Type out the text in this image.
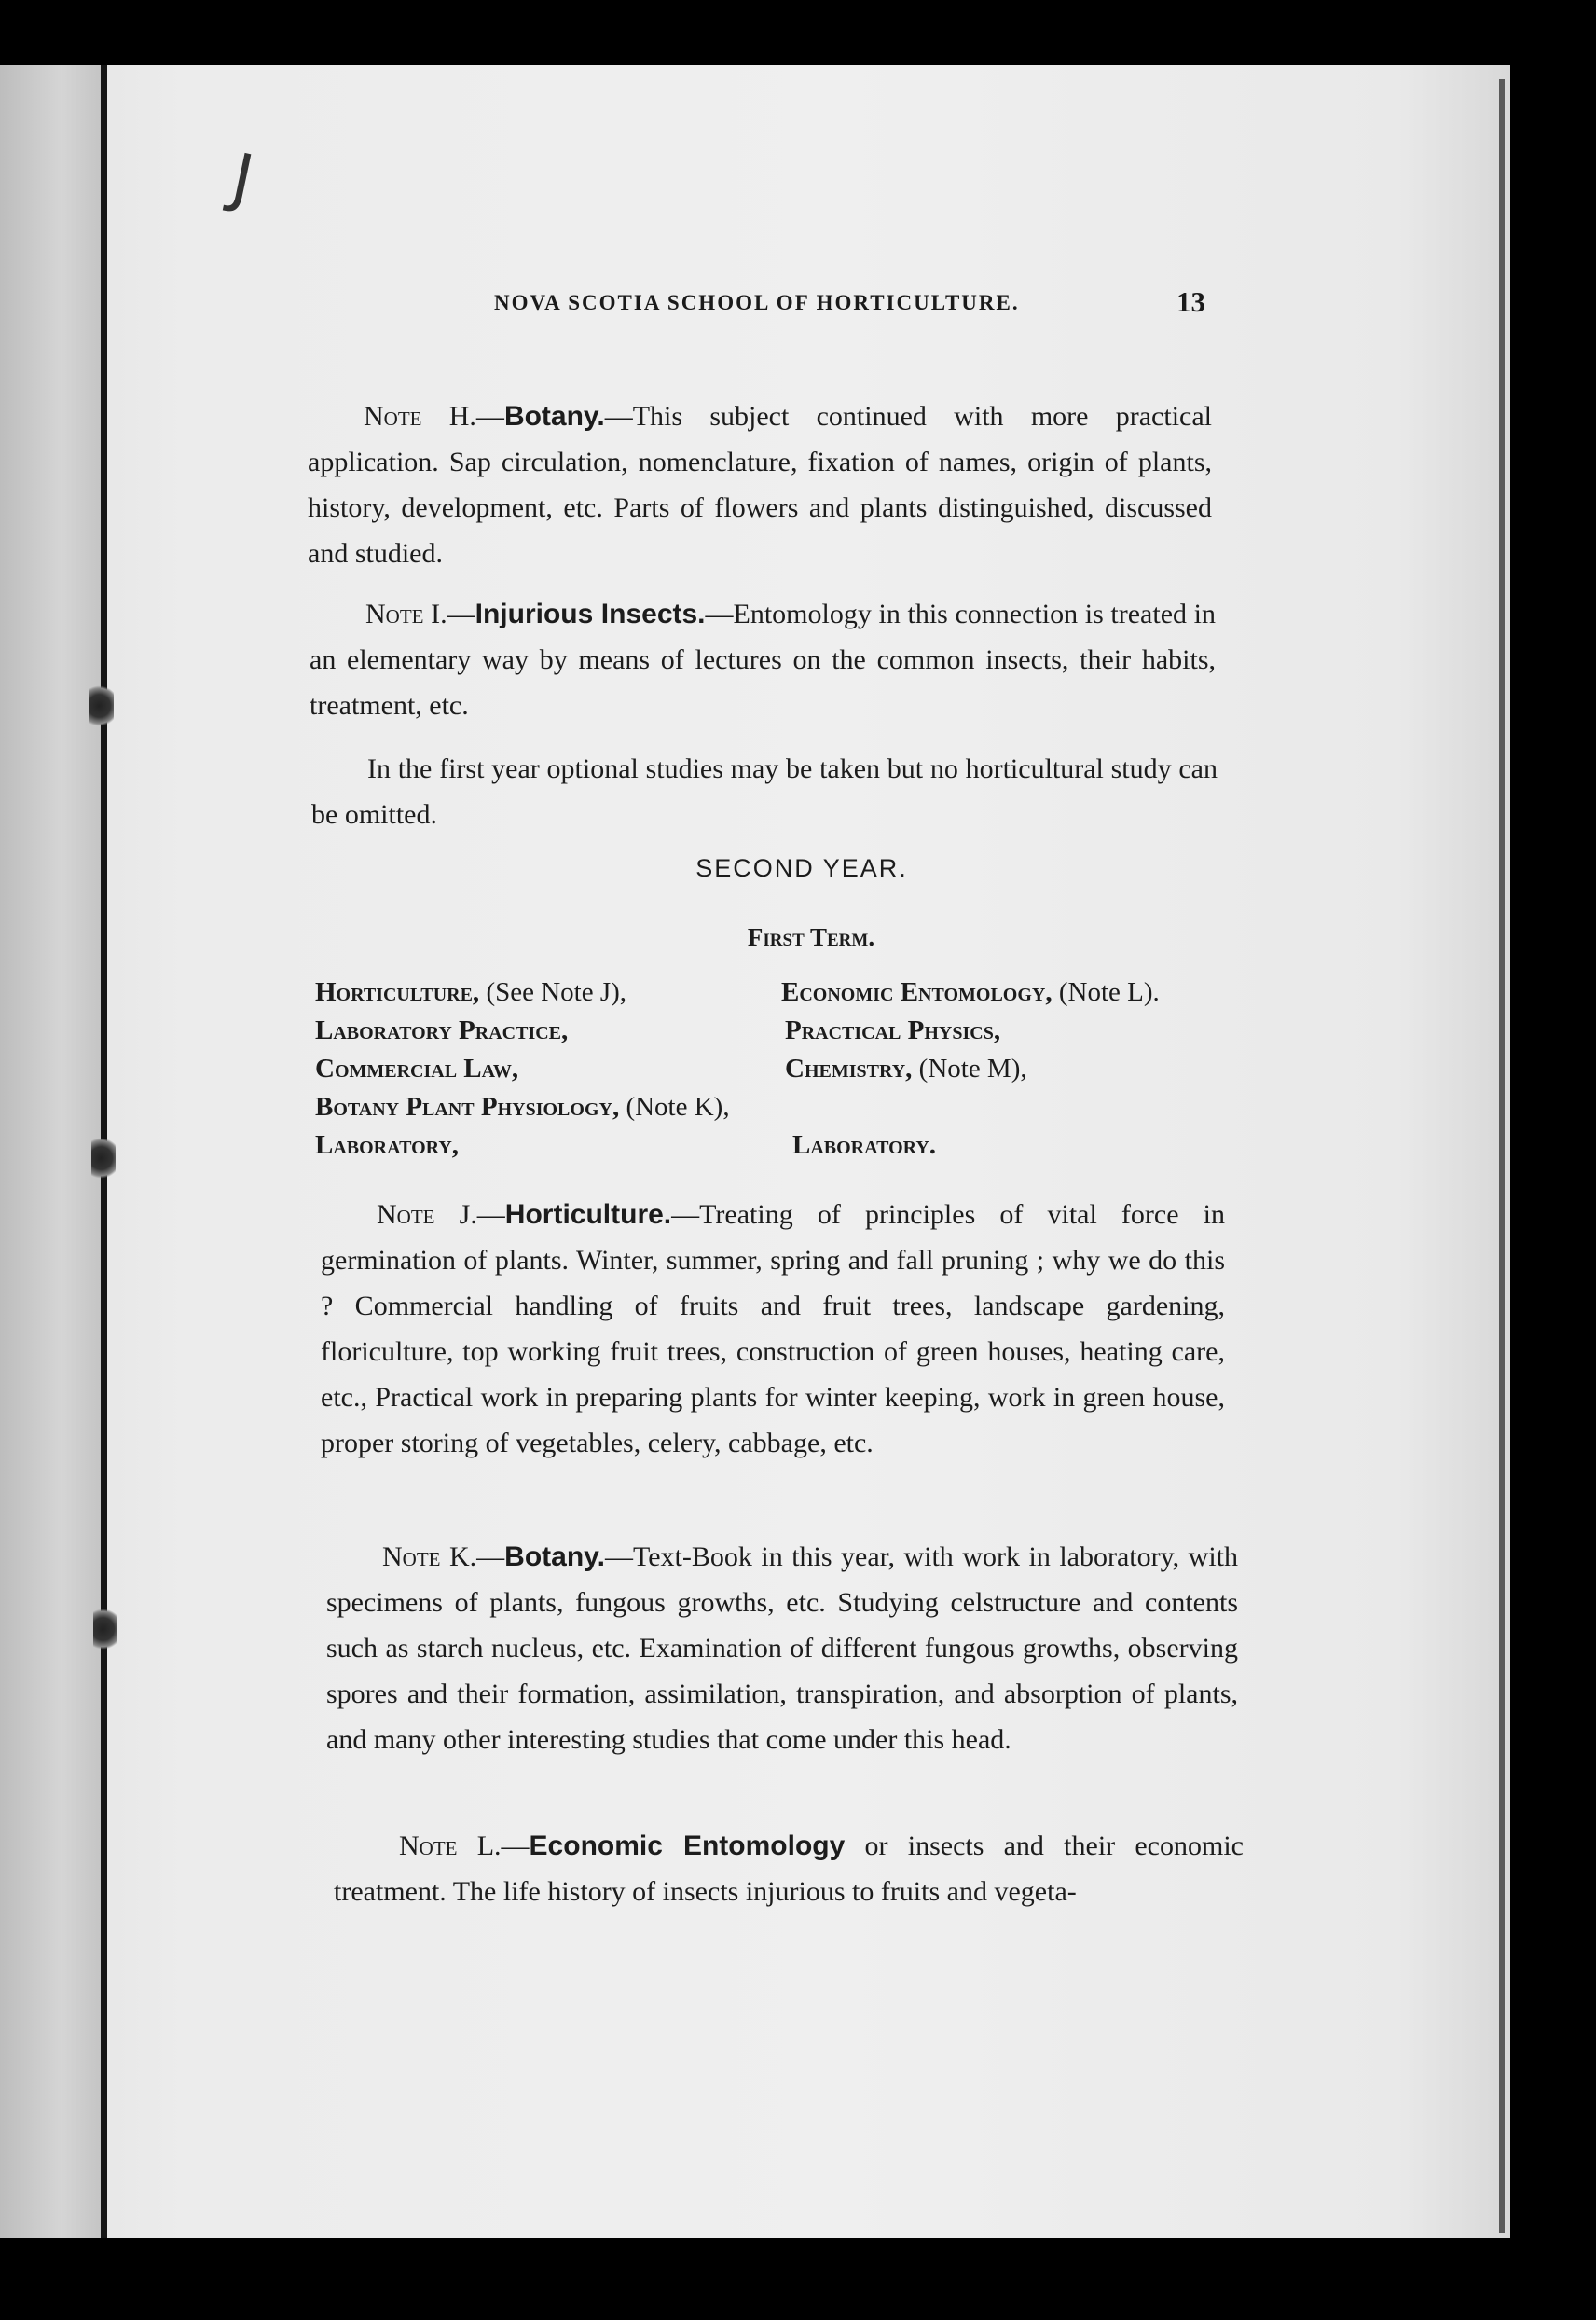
J
NOVA SCOTIA SCHOOL OF HORTICULTURE.	13
Note H.—Botany.—This subject continued with more practical application. Sap circulation, nomenclature, fixation of names, origin of plants, history, development, etc. Parts of flowers and plants distinguished, discussed and studied.
Note I.—Injurious Insects.—Entomology in this connection is treated in an elementary way by means of lectures on the common insects, their habits, treatment, etc.
In the first year optional studies may be taken but no horticultural study can be omitted.
SECOND YEAR.
First Term.
Horticulture, (See Note J),
Laboratory Practice,
Commercial Law,
Botany Plant Physiology, (Note K),
Laboratory,
Economic Entomology, (Note L).
Practical Physics,
Chemistry, (Note M),
Laboratory.
Note J.—Horticulture.—Treating of principles of vital force in germination of plants. Winter, summer, spring and fall pruning ; why we do this ? Commercial handling of fruits and fruit trees, landscape gardening, floriculture, top working fruit trees, construction of green houses, heating care, etc., Practical work in preparing plants for winter keeping, work in green house, proper storing of vegetables, celery, cabbage, etc.
Note K.—Botany.—Text-Book in this year, with work in laboratory, with specimens of plants, fungous growths, etc. Studying celstructure and contents such as starch nucleus, etc. Examination of different fungous growths, observing spores and their formation, assimilation, transpiration, and absorption of plants, and many other interesting studies that come under this head.
Note L.—Economic Entomology or insects and their economic treatment. The life history of insects injurious to fruits and vegeta-
